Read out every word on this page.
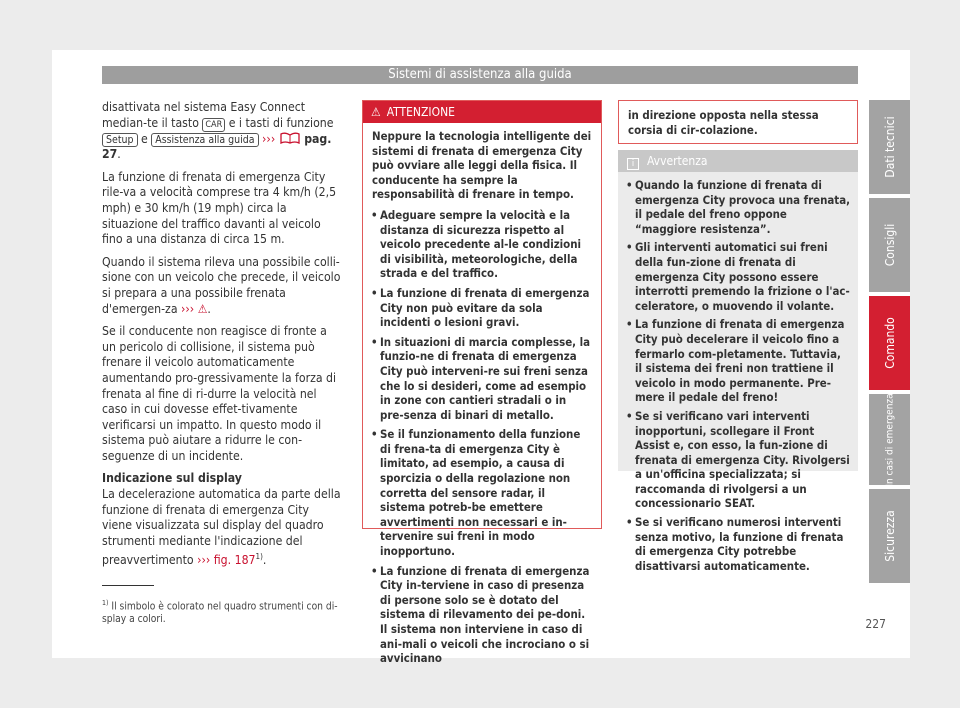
Sistemi di assistenza alla guida

disattivata nel sistema Easy Connect median-te il tasto CAR e i tasti di funzione Setup e Assistenza alla guida ››› pag. 27.

La funzione di frenata di emergenza City rile-va a velocità comprese tra 4 km/h (2,5 mph) e 30 km/h (19 mph) circa la situazione del traffico davanti al veicolo fino a una distanza di circa 15 m.

Quando il sistema rileva una possibile colli-sione con un veicolo che precede, il veicolo si prepara a una possibile frenata d'emergen-za ››› ⚠.

Se il conducente non reagisce di fronte a un pericolo di collisione, il sistema può frenare il veicolo automaticamente aumentando pro-gressivamente la forza di frenata al fine di ri-durre la velocità nel caso in cui dovesse effet-tivamente verificarsi un impatto. In questo modo il sistema può aiutare a ridurre le con-seguenze di un incidente.

Indicazione sul display

La decelerazione automatica da parte della funzione di frenata di emergenza City viene visualizzata sul display del quadro strumenti mediante l'indicazione del preavvertimento ››› fig. 187$^{1)}$.

⚠ ATTENZIONE

Neppure la tecnologia intelligente dei sistemi di frenata di emergenza City può ovviare alle leggi della fisica. Il conducente ha sempre la responsabilità di frenare in tempo.

• Adeguare sempre la velocità e la distanza di sicurezza rispetto al veicolo precedente al-le condizioni di visibilità, meteorologiche, della strada e del traffico.
• La funzione di frenata di emergenza City non può evitare da sola incidenti o lesioni gravi.
• In situazioni di marcia complesse, la funzio-ne di frenata di emergenza City può interveni-re sui freni senza che lo si desideri, come ad esempio in zone con cantieri stradali o in pre-senza di binari di metallo.
• Se il funzionamento della funzione di frena-ta di emergenza City è limitato, ad esempio, a causa di sporcizia o della regolazione non corretta del sensore radar, il sistema potreb-be emettere avvertimenti non necessari e in-tervenire sui freni in modo inopportuno.
• La funzione di frenata di emergenza City in-terviene in caso di presenza di persone solo se è dotato del sistema di rilevamento dei pe-doni. Il sistema non interviene in caso di ani-mali o veicoli che incrociano o si avvicinano
in direzione opposta nella stessa corsia di cir-colazione.
i Avvertenza
• Quando la funzione di frenata di emergenza City provoca una frenata, il pedale del freno oppone “maggiore resistenza”.
• Gli interventi automatici sui freni della fun-zione di frenata di emergenza City possono essere interrotti premendo la frizione o l'ac-celeratore, o muovendo il volante.
• La funzione di frenata di emergenza City può decelerare il veicolo fino a fermarlo com-pletamente. Tuttavia, il sistema dei freni non trattiene il veicolo in modo permanente. Pre-mere il pedale del freno!
• Se si verificano vari interventi inopportuni, scollegare il Front Assist e, con esso, la fun-zione di frenata di emergenza City. Rivolgersi a un'officina specializzata; si raccomanda di rivolgersi a un concessionario SEAT.
• Se si verificano numerosi interventi senza motivo, la funzione di frenata di emergenza City potrebbe disattivarsi automaticamente.
$^{1)}$ Il simbolo è colorato nel quadro strumenti con di-splay a colori.	227
Dati tecnici
Consigli
Comando
In casi di emergenza
Sicurezza
